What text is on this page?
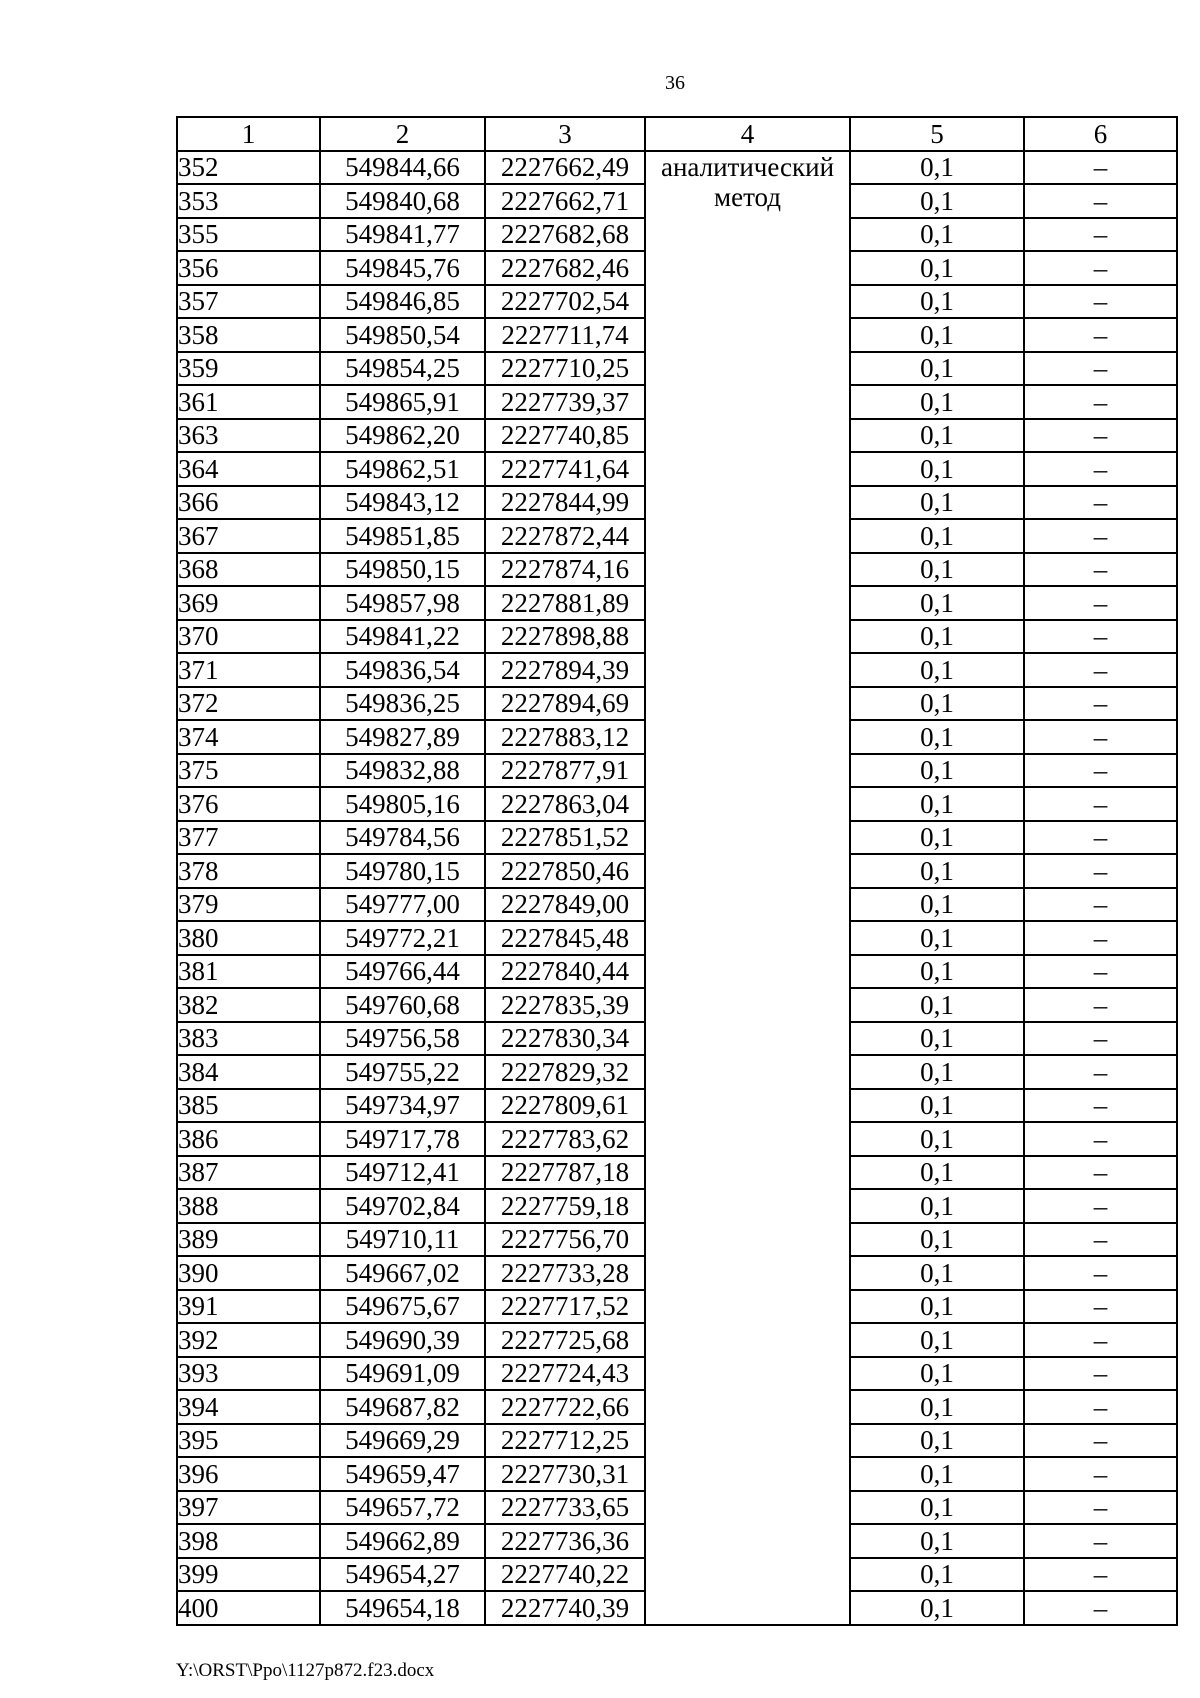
36
1	2	3	4	5	6
352	549844,66	2227662,49	аналитический метод	0,1	–
353	549840,68	2227662,71		0,1	–
355	549841,77	2227682,68		0,1	–
356	549845,76	2227682,46		0,1	–
357	549846,85	2227702,54		0,1	–
358	549850,54	2227711,74		0,1	–
359	549854,25	2227710,25		0,1	–
361	549865,91	2227739,37		0,1	–
363	549862,20	2227740,85		0,1	–
364	549862,51	2227741,64		0,1	–
366	549843,12	2227844,99		0,1	–
367	549851,85	2227872,44		0,1	–
368	549850,15	2227874,16		0,1	–
369	549857,98	2227881,89		0,1	–
370	549841,22	2227898,88		0,1	–
371	549836,54	2227894,39		0,1	–
372	549836,25	2227894,69		0,1	–
374	549827,89	2227883,12		0,1	–
375	549832,88	2227877,91		0,1	–
376	549805,16	2227863,04		0,1	–
377	549784,56	2227851,52		0,1	–
378	549780,15	2227850,46		0,1	–
379	549777,00	2227849,00		0,1	–
380	549772,21	2227845,48		0,1	–
381	549766,44	2227840,44		0,1	–
382	549760,68	2227835,39		0,1	–
383	549756,58	2227830,34		0,1	–
384	549755,22	2227829,32		0,1	–
385	549734,97	2227809,61		0,1	–
386	549717,78	2227783,62		0,1	–
387	549712,41	2227787,18		0,1	–
388	549702,84	2227759,18		0,1	–
389	549710,11	2227756,70		0,1	–
390	549667,02	2227733,28		0,1	–
391	549675,67	2227717,52		0,1	–
392	549690,39	2227725,68		0,1	–
393	549691,09	2227724,43		0,1	–
394	549687,82	2227722,66		0,1	–
395	549669,29	2227712,25		0,1	–
396	549659,47	2227730,31		0,1	–
397	549657,72	2227733,65		0,1	–
398	549662,89	2227736,36		0,1	–
399	549654,27	2227740,22		0,1	–
400	549654,18	2227740,39		0,1	–
Y:\ORST\Ppo\1127p872.f23.docx
